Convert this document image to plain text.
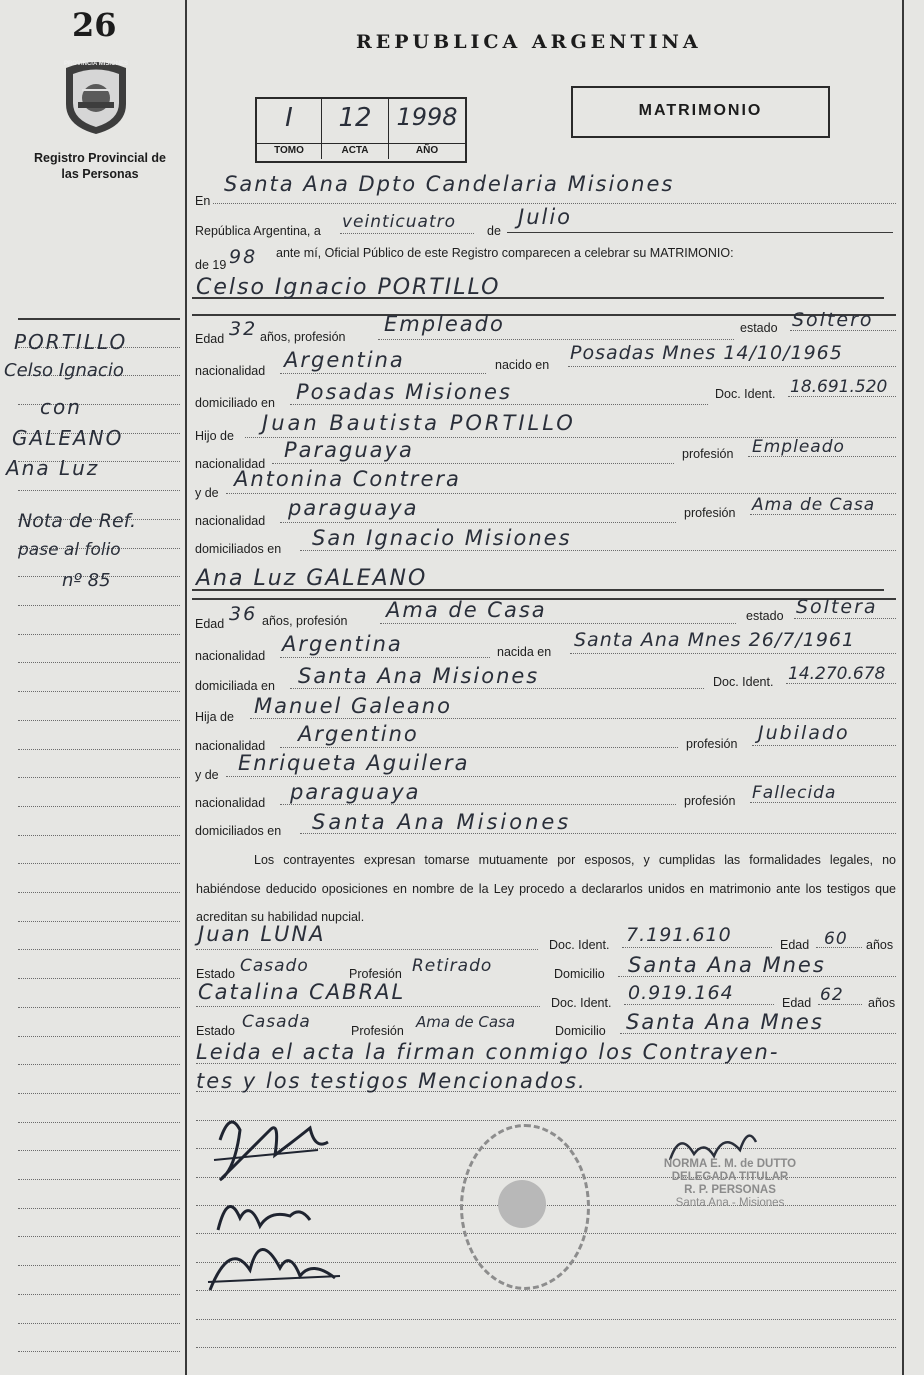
26
PROVINCIA MISIONES
Registro Provincial de las Personas
PORTILLO
Celso Ignacio
con
GALEANO
Ana Luz
Nota de Ref.
pase al folio
nº 85
REPUBLICA ARGENTINA
I
TOMO
12
ACTA
1998
AÑO
MATRIMONIO
En
Santa Ana Dpto Candelaria Misiones
República Argentina, a veinticuatro de
Julio
de 19 98 ante mí, Oficial Público de este Registro comparecen a celebrar su MATRIMONIO:
Celso Ignacio PORTILLO
Edad 32 años, profesión
Empleado	estado Soltero
nacionalidad Argentina	nacido en
Posadas Mnes 14/10/1965
domiciliado en Posadas Misiones	Doc. Ident. 18.691.520
Hijo de
Juan Bautista PORTILLO
nacionalidad
Paraguaya	profesión Empleado
y de
Antonina Contrera
nacionalidad
paraguaya	profesión Ama de Casa
domiciliados en San Ignacio Misiones
Ana Luz GALEANO
Edad 36 años, profesión Ama de Casa	estado Soltera
nacionalidad Argentina	nacida en
Santa Ana Mnes 26/7/1961
domiciliada en Santa Ana Misiones	Doc. Ident. 14.270.678
Hija de Manuel Galeano
nacionalidad Argentino	profesión Jubilado
y de Enriqueta Aguilera
nacionalidad paraguaya	profesión Fallecida
domiciliados en Santa Ana Misiones
Los contrayentes expresan tomarse mutuamente por esposos, y cumplidas las formalidades legales, no habiéndose deducido oposiciones en nombre de la Ley procedo a declararlos unidos en matrimonio ante los testigos que acreditan su habilidad nupcial.
Juan LUNA	Doc. Ident. 7.191.610	Edad 60 años
Estado Casado	Profesión Retirado	Domicilio Santa Ana Mnes
Catalina CABRAL	Doc. Ident. 0.919.164	Edad 62 años
Estado Casada	Profesión Ama de Casa	Domicilio Santa Ana Mnes
Leida el acta la firman conmigo los Contrayen-
tes y los testigos Mencionados.
NORMA E. M. de DUTTO
DELEGADA TITULAR
R. P. PERSONAS
Santa Ana - Misiones
